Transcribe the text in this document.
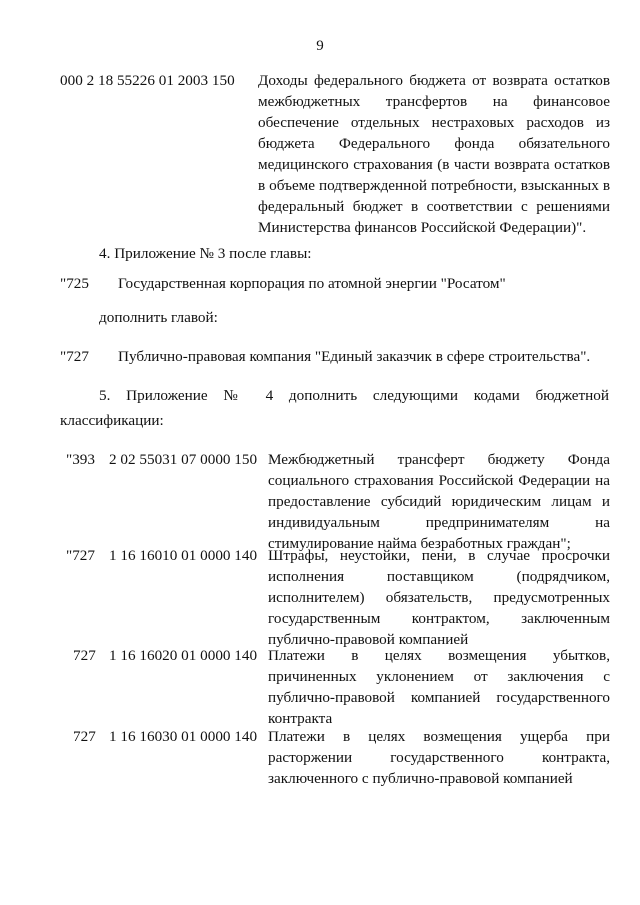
9
000 2 18 55226 01 2003 150 Доходы федерального бюджета от возврата остатков
межбюджетных трансфертов на финансовое
обеспечение отдельных нестраховых расходов из
бюджета Федерального фонда обязательного
медицинского страхования (в части возврата остатков
в объеме подтвержденной потребности, взысканных в
федеральный бюджет в соответствии с решениями
Министерства финансов Российской Федерации)".
4. Приложение № 3 после главы:
"725 Государственная корпорация по атомной энергии "Росатом"
дополнить главой:
"727 Публично-правовая компания "Единый заказчик в сфере строительства".
5. Приложение № 4 дополнить следующими кодами бюджетной
классификации:
"393 2 02 55031 07 0000 150 Межбюджетный трансферт бюджету Фонда
социального страхования Российской Федерации на
предоставление субсидий юридическим лицам и
индивидуальным предпринимателям на
стимулирование найма безработных граждан";
"727 1 16 16010 01 0000 140 Штрафы, неустойки, пени, в случае просрочки
исполнения поставщиком (подрядчиком,
исполнителем) обязательств, предусмотренных
государственным контрактом, заключенным
публично-правовой компанией
727 1 16 16020 01 0000 140 Платежи в целях возмещения убытков,
причиненных уклонением от заключения с
публично-правовой компанией государственного
контракта
727 1 16 16030 01 0000 140 Платежи в целях возмещения ущерба при
расторжении государственного контракта,
заключенного с публично-правовой компанией
